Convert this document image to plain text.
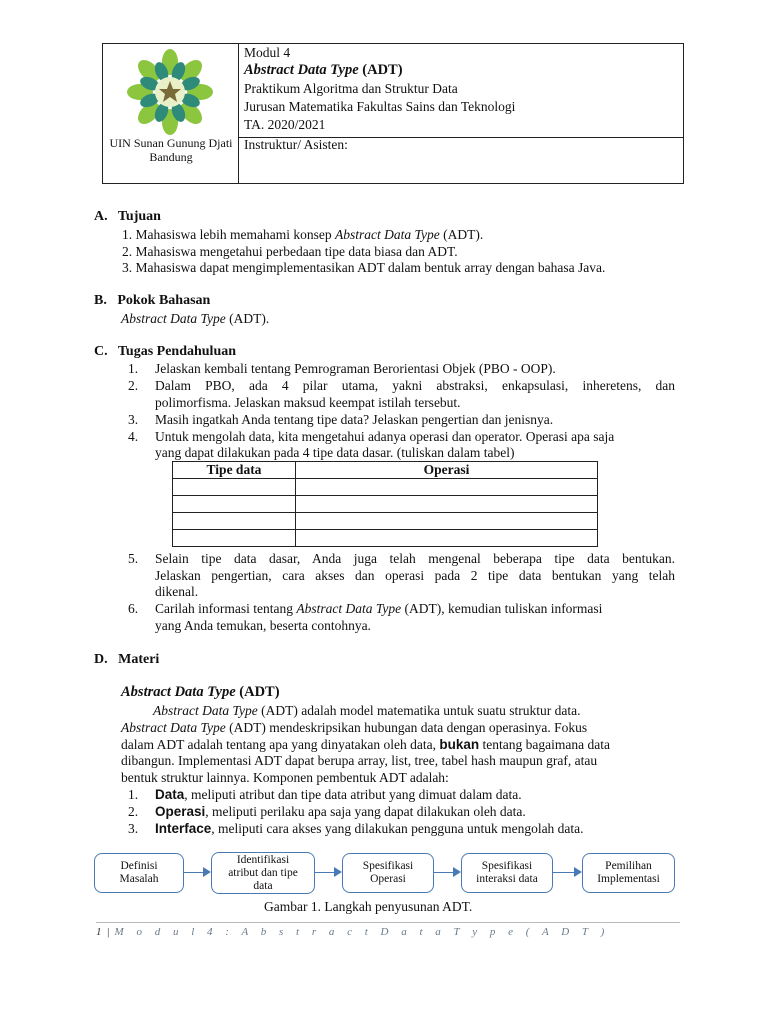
UIN Sunan Gunung Djati Bandung
Modul 4
Abstract Data Type (ADT)
Praktikum Algoritma dan Struktur Data
Jurusan Matematika Fakultas Sains dan Teknologi
TA. 2020/2021
Instruktur/ Asisten:
A.   Tujuan
1. Mahasiswa lebih memahami konsep Abstract Data Type (ADT).
2. Mahasiswa mengetahui perbedaan tipe data biasa dan ADT.
3. Mahasiswa dapat mengimplementasikan ADT dalam bentuk array dengan bahasa Java.
B.   Pokok Bahasan
Abstract Data Type (ADT).
C.   Tugas Pendahuluan
1. Jelaskan kembali tentang Pemrograman Berorientasi Objek (PBO - OOP).
2. Dalam PBO, ada 4 pilar utama, yakni abstraksi, enkapsulasi, inheretens, dan
polimorfisma. Jelaskan maksud keempat istilah tersebut.
3. Masih ingatkah Anda tentang tipe data? Jelaskan pengertian dan jenisnya.
4. Untuk mengolah data, kita mengetahui adanya operasi dan operator. Operasi apa saja
yang dapat dilakukan pada 4 tipe data dasar. (tuliskan dalam tabel)
Tipe data	Operasi

5. Selain tipe data dasar, Anda juga telah mengenal beberapa tipe data bentukan.
Jelaskan pengertian, cara akses dan operasi pada 2 tipe data bentukan yang telah
dikenal.
6. Carilah informasi tentang Abstract Data Type (ADT), kemudian tuliskan informasi
yang Anda temukan, beserta contohnya.
D.   Materi
Abstract Data Type (ADT)
Abstract Data Type (ADT) adalah model matematika untuk suatu struktur data.
Abstract Data Type (ADT) mendeskripsikan hubungan data dengan operasinya. Fokus
dalam ADT adalah tentang apa yang dinyatakan oleh data, bukan tentang bagaimana data
dibangun. Implementasi ADT dapat berupa array, list, tree, tabel hash maupun graf, atau
bentuk struktur lainnya. Komponen pembentuk ADT adalah:
1. Data, meliputi atribut dan tipe data atribut yang dimuat dalam data.
2. Operasi, meliputi perilaku apa saja yang dapat dilakukan oleh data.
3. Interface, meliputi cara akses yang dilakukan pengguna untuk mengolah data.
Definisi
Masalah
Identifikasi
atribut dan tipe
data
Spesifikasi
Operasi
Spesifikasi
interaksi data
Pemilihan
Implementasi
Gambar 1. Langkah penyusunan ADT.
1|M o d u l 4 : A b s t r a c t D a t a T y p e ( A D T )
